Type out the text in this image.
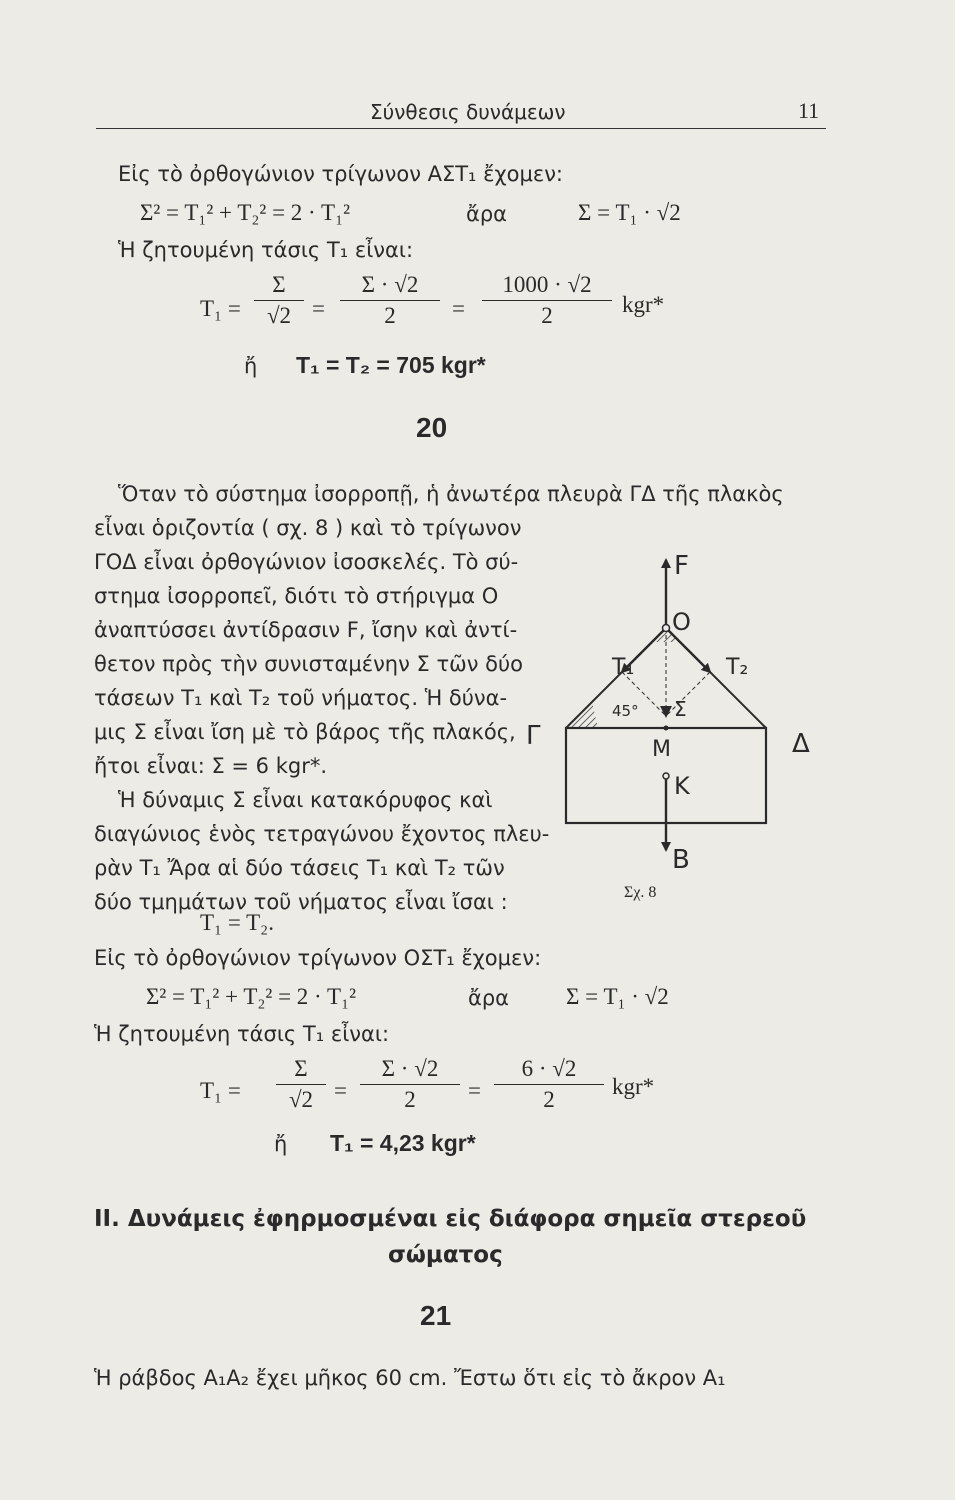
Σύνθεσις δυνάμεων	11
Εἰς τὸ ὀρθογώνιον τρίγωνον ΑΣΤ₁ ἔχομεν:
Σ² = Τ₁² + Τ₂² = 2 · Τ₁²	ἄρα	Σ = Τ₁ · √2
Ἡ ζητουμένη τάσις Τ₁ εἶναι:
Τ₁ =
Σ
√2 =
Σ · √2
2 =
1000 · √2
2	kgr*
ἤ Τ₁ = Τ₂ = 705 kgr*
20
Ὅταν τὸ σύστημα ἰσορροπῇ, ἡ ἀνωτέρα πλευρὰ ΓΔ τῆς πλακὸς
εἶναι ὁριζοντία ( σχ. 8 ) καὶ τὸ τρίγωνον
ΓΟΔ εἶναι ὀρθογώνιον ἰσοσκελές. Τὸ σύ-
στημα ἰσορροπεῖ, διότι τὸ στήριγμα Ο
ἀναπτύσσει ἀντίδρασιν F, ἴσην καὶ ἀντί-
θετον πρὸς τὴν συνισταμένην Σ τῶν δύο
τάσεων Τ₁ καὶ Τ₂ τοῦ νήματος. Ἡ δύνα-
μις Σ εἶναι ἴση μὲ τὸ βάρος τῆς πλακός,
ἤτοι εἶναι: Σ = 6 kgr*.
Ἡ δύναμις Σ εἶναι κατακόρυφος καὶ
διαγώνιος ἑνὸς τετραγώνου ἔχοντος πλευ-
ρὰν Τ₁ Ἄρα αἱ δύο τάσεις Τ₁ καὶ Τ₂ τῶν
δύο τμημάτων τοῦ νήματος εἶναι ἴσαι :
Τ₁ = Τ₂.
F
O
T₁	T₂
45° Σ
Γ	Δ
M
K
B
Σχ. 8
Εἰς τὸ ὀρθογώνιον τρίγωνον ΟΣΤ₁ ἔχομεν:
Σ² = Τ₁² + Τ₂² = 2 · Τ₁²	ἄρα Σ = Τ₁ · √2
Ἡ ζητουμένη τάσις Τ₁ εἶναι:
Τ₁ =
Σ
√2 =
Σ · √2
2 =
6 · √2
2
kgr*
ἤ Τ₁ = 4,23 kgr*
ΙΙ. Δυνάμεις ἐφηρμοσμέναι εἰς διάφορα σημεῖα στερεοῦ
σώματος
21
Ἡ ράβδος Α₁Α₂ ἔχει μῆκος 60 cm. Ἔστω ὅτι εἰς τὸ ἄκρον Α₁
